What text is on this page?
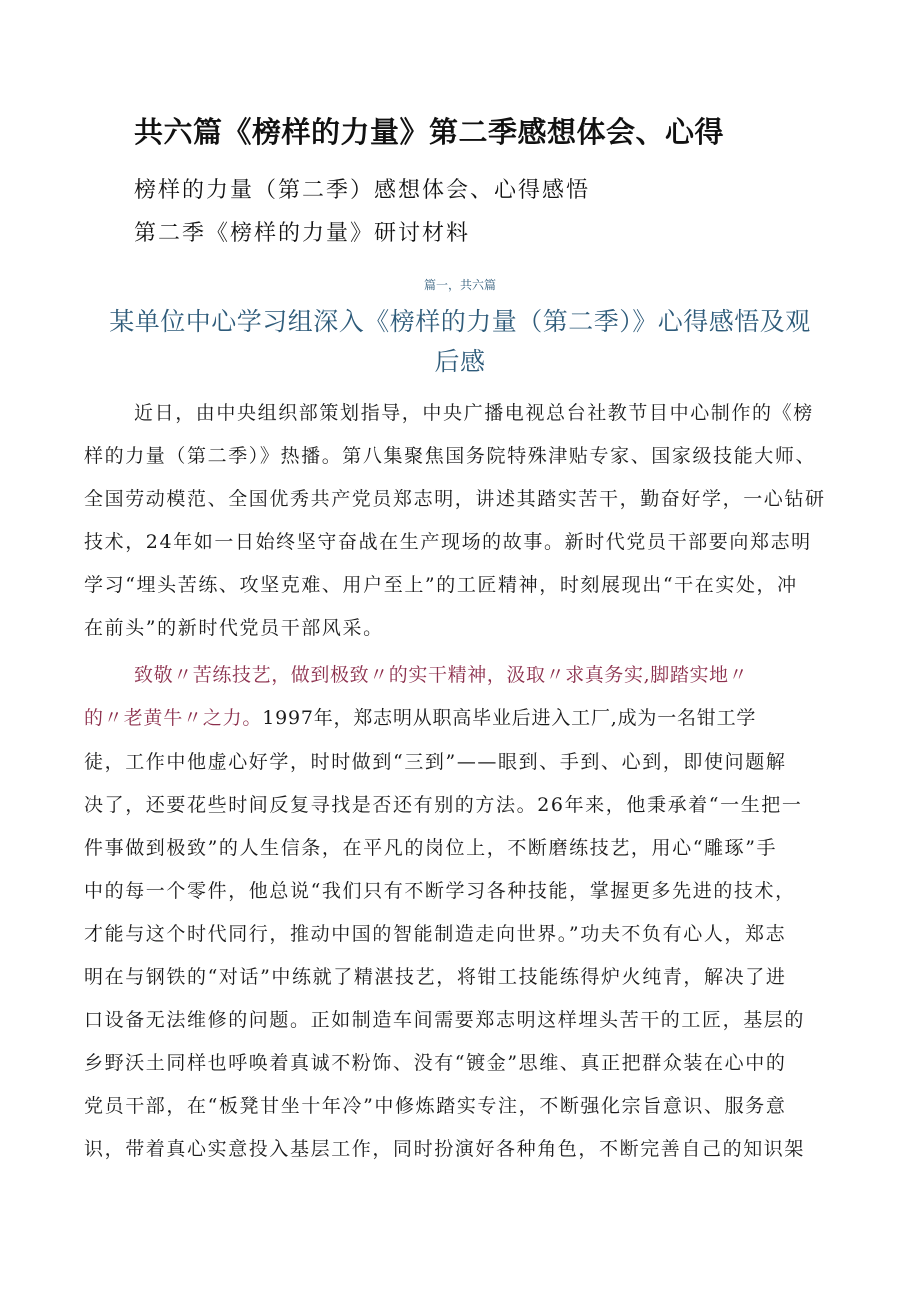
共六篇《榜样的力量》第二季感想体会、心得
榜样的力量（第二季）感想体会、心得感悟
第二季《榜样的力量》研讨材料
篇一，共六篇
某单位中心学习组深入《榜样的力量（第二季）》心得感悟及观后感
近日，由中央组织部策划指导，中央广播电视总台社教节目中心制作的《榜
样的力量（第二季）》热播。第八集聚焦国务院特殊津贴专家、国家级技能大师、
全国劳动模范、全国优秀共产党员郑志明，讲述其踏实苦干，勤奋好学，一心钻研
技术，24年如一日始终坚守奋战在生产现场的故事。新时代党员干部要向郑志明
学习“埋头苦练、攻坚克难、用户至上”的工匠精神，时刻展现出“干在实处，冲
在前头”的新时代党员干部风采。
致敬〃苦练技艺，做到极致〃的实干精神，汲取〃求真务实,脚踏实地〃
的〃老黄牛〃之力。1997年，郑志明从职高毕业后进入工厂,成为一名钳工学
徒，工作中他虚心好学，时时做到“三到”——眼到、手到、心到，即使问题解
决了，还要花些时间反复寻找是否还有别的方法。26年来，他秉承着“一生把一
件事做到极致”的人生信条，在平凡的岗位上，不断磨练技艺，用心“雕琢”手
中的每一个零件，他总说“我们只有不断学习各种技能，掌握更多先进的技术，
才能与这个时代同行，推动中国的智能制造走向世界。”功夫不负有心人，郑志
明在与钢铁的“对话”中练就了精湛技艺，将钳工技能练得炉火纯青，解决了进
口设备无法维修的问题。正如制造车间需要郑志明这样埋头苦干的工匠，基层的
乡野沃土同样也呼唤着真诚不粉饰、没有“镀金”思维、真正把群众装在心中的
党员干部，在“板凳甘坐十年冷”中修炼踏实专注，不断强化宗旨意识、服务意
识，带着真心实意投入基层工作，同时扮演好各种角色，不断完善自己的知识架
